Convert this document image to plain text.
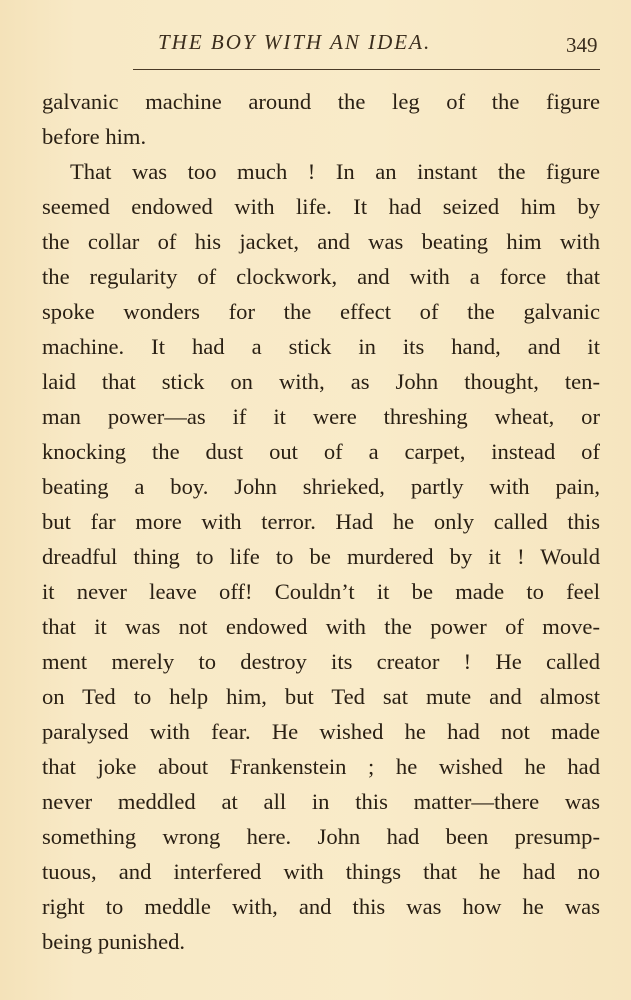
THE BOY WITH AN IDEA.	349
galvanic machine around the leg of the figure
before him.
That was too much ! In an instant the figure
seemed endowed with life. It had seized him by
the collar of his jacket, and was beating him with
the regularity of clockwork, and with a force that
spoke wonders for the effect of the galvanic
machine. It had a stick in its hand, and it
laid that stick on with, as John thought, ten-
man power—as if it were threshing wheat, or
knocking the dust out of a carpet, instead of
beating a boy. John shrieked, partly with pain,
but far more with terror. Had he only called this
dreadful thing to life to be murdered by it ! Would
it never leave off! Couldn’t it be made to feel
that it was not endowed with the power of move-
ment merely to destroy its creator ! He called
on Ted to help him, but Ted sat mute and almost
paralysed with fear. He wished he had not made
that joke about Frankenstein ; he wished he had
never meddled at all in this matter—there was
something wrong here. John had been presump-
tuous, and interfered with things that he had no
right to meddle with, and this was how he was
being punished.
